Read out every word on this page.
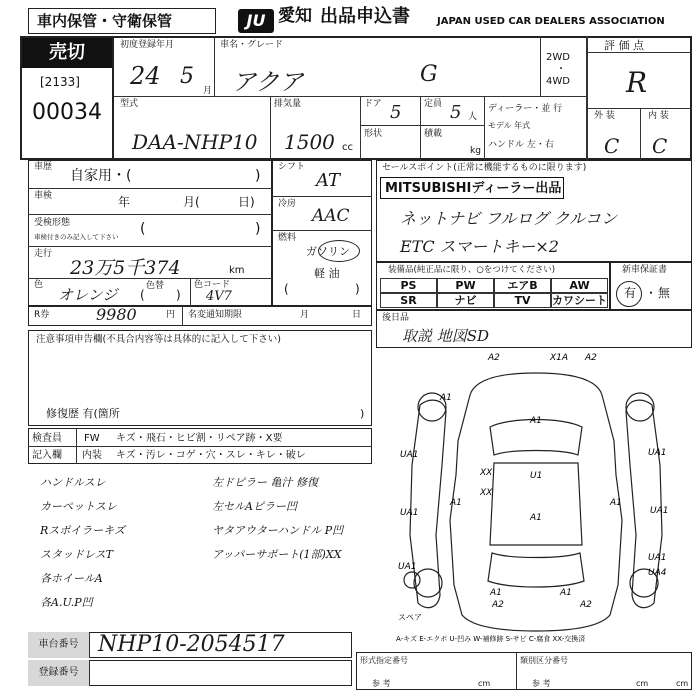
車内保管・守衛保管	JU 愛知 出品申込書	JAPAN USED CAR DEALERS ASSOCIATION
売切
[2133]
00034
初度登録年月
24 5
月
車名・グレード
アクア	G
2WD
・
4WD
評 価 点
R
外 装	内 装
C C
型式
DAA-NHP10
排気量
1500 cc
ドア 5	定員 5 人
形状	積載
kg
ディーラー・並 行
モデル 年式
ハンドル 左・右
車歴
自家用・(	)
車検	年	月(	日)
受検形態
車検付きのみ記入して下さい (	)
走行
23万5千374	km
色
オレンジ	色替
(	)
色コード
4V7
シフト
AT
冷房
AAC
燃料
ガソリン
軽 油
(	)
R券	9980	円 名変通知期限	月	日
セールスポイント(正常に機能するものに限ります)
MITSUBISHIディーラー出品
ネットナビ フルログ クルコン
ETC スマートキー×2
装備品(純正品に限り、○をつけてください)
PS	PW	エアB	AW
SR	ナビ	TV	カワシート
新車保証書
有 ・ 無
後日品
取説 地図SD
注意事項申告欄(不具合内容等は具体的に記入して下さい)
修復歴 有(箇所	)
検査員
記入欄
FW キズ・飛石・ヒビ割・リペア跡・X要
内装 キズ・汚レ・コゲ・穴・スレ・キレ・破レ
ハンドルスレ
カーペットスレ
Rスポイラーキズ
スタッドレスT
各ホイールA
各A.U.P凹
左ドピラー 亀汁 修復
左セルAピラー凹
ヤタアウターハンドル P凹
アッパーサポート(1部)XX
A2	X1A A2
A1
A1
XX	U1
UA1	UA1
UA1	UA1
A1	A1
UA1
A1	A1
UA1
UA4
A1
A2	A2
XX
スペア
A-キズ E-エクボ U-凹み W-補修跡 S-サビ C-腐食 XX-交換済
車台番号 NHP10-2054517
登録番号
形式指定番号	類別区分番号
参 考	参 考
cm	cm	cm
